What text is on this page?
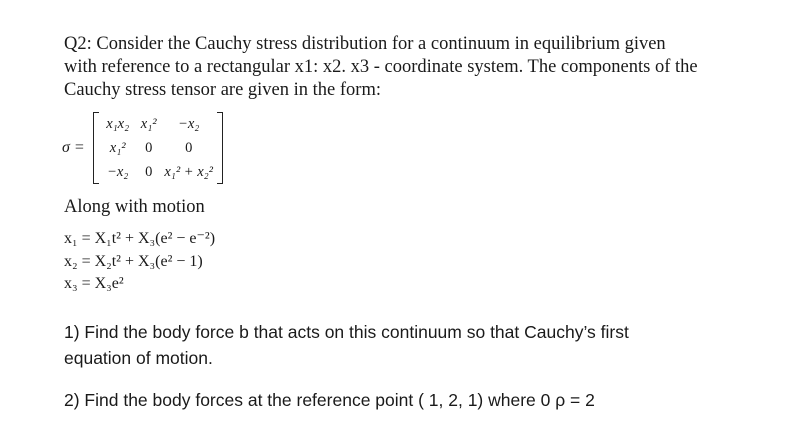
Q2: Consider the Cauchy stress distribution for a continuum in equilibrium given
with reference to a rectangular x1: x2. x3 - coordinate system. The components of the
Cauchy stress tensor are given in the form:
σ =
x₁x₂ x₁² −x₂
x₁² 0 0
−x₂ 0 x₁² + x₂²
Along with motion
x₁ = X₁t² + X₃(e² − e⁻²)
x₂ = X₂t² + X₃(e² − 1)
x₃ = X₃e²
1) Find the body force b that acts on this continuum so that Cauchy’s first
equation of motion.
2) Find the body forces at the reference point ( 1, 2, 1) where 0 ρ = 2
